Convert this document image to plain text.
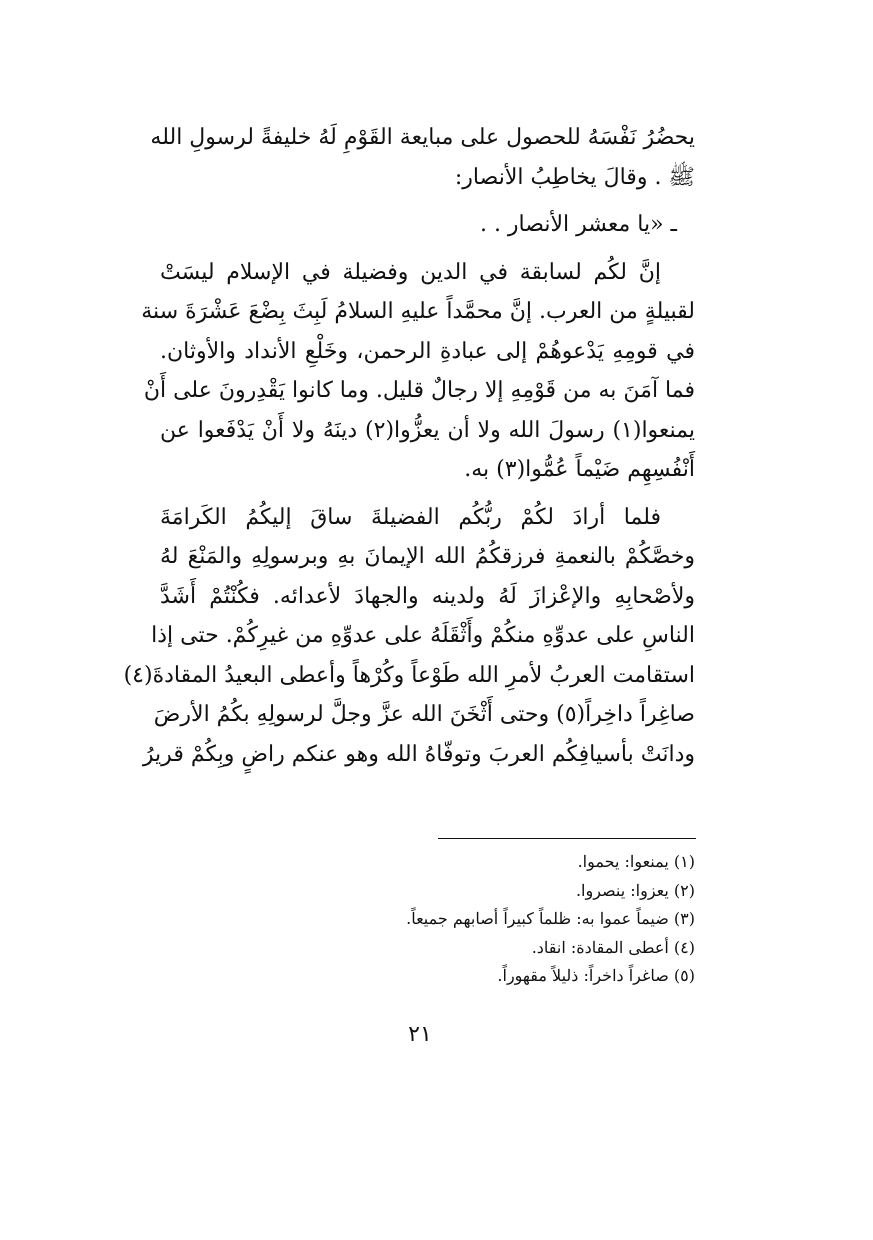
يحضُرُ نَفْسَهُ للحصول على مبايعة القَوْمِ لَهُ خليفةً لرسولِ الله
ﷺ . وقالَ يخاطِبُ الأنصار:
ـ «يا معشر الأنصار . .
إنَّ لكُم لسابقة في الدين وفضيلة في الإسلام ليسَتْ
لقبيلةٍ من العرب. إنَّ محمَّداً عليهِ السلامُ لَبِثَ بِضْعَ عَشْرَةَ سنة
في قومِهِ يَدْعوهُمْ إلى عبادةِ الرحمن، وخَلْعِ الأنداد والأوثان.
فما آمَنَ به من قَوْمِهِ إلا رجالٌ قليل. وما كانوا يَقْدِرونَ على أَنْ
يمنعوا(١) رسولَ الله ولا أن يعزُّوا(٢) دينَهُ ولا أَنْ يَدْفَعوا عن
أَنْفُسِهِم ضَيْماً عُمُّوا(٣) به.
فلما أرادَ لكُمْ ربُّكُم الفضيلةَ ساقَ إليكُمُ الكَرامَةَ
وخصَّكُمْ بالنعمةِ فرزقكُمُ الله الإيمانَ بهِ وبرسولِهِ والمَنْعَ لهُ
ولأصْحابِهِ والإعْزازَ لَهُ ولدينه والجهادَ لأعدائه. فكُنْتُمْ أَشَدَّ
الناسِ على عدوِّهِ منكُمْ وأَثْقَلَهُ على عدوِّهِ من غيرِكُمْ. حتى إذا
استقامت العربُ لأمرِ الله طَوْعاً وكُرْهاً وأعطى البعيدُ المقادةَ(٤)
صاغِراً داخِراً(٥) وحتى أَثْخَنَ الله عزَّ وجلَّ لرسولِهِ بكُمُ الأرضَ
ودانَتْ بأسيافِكُم العربَ وتوفّاهُ الله وهو عنكم راضٍ وبِكُمْ قريرُ
(١) يمنعوا: يحموا.
(٢) يعزوا: ينصروا.
(٣) ضيماً عموا به: ظلماً كبيراً أصابهم جميعاً.
(٤) أعطى المقادة: انقاد.
(٥) صاغراً داخراً: ذليلاً مقهوراً.
٢١
